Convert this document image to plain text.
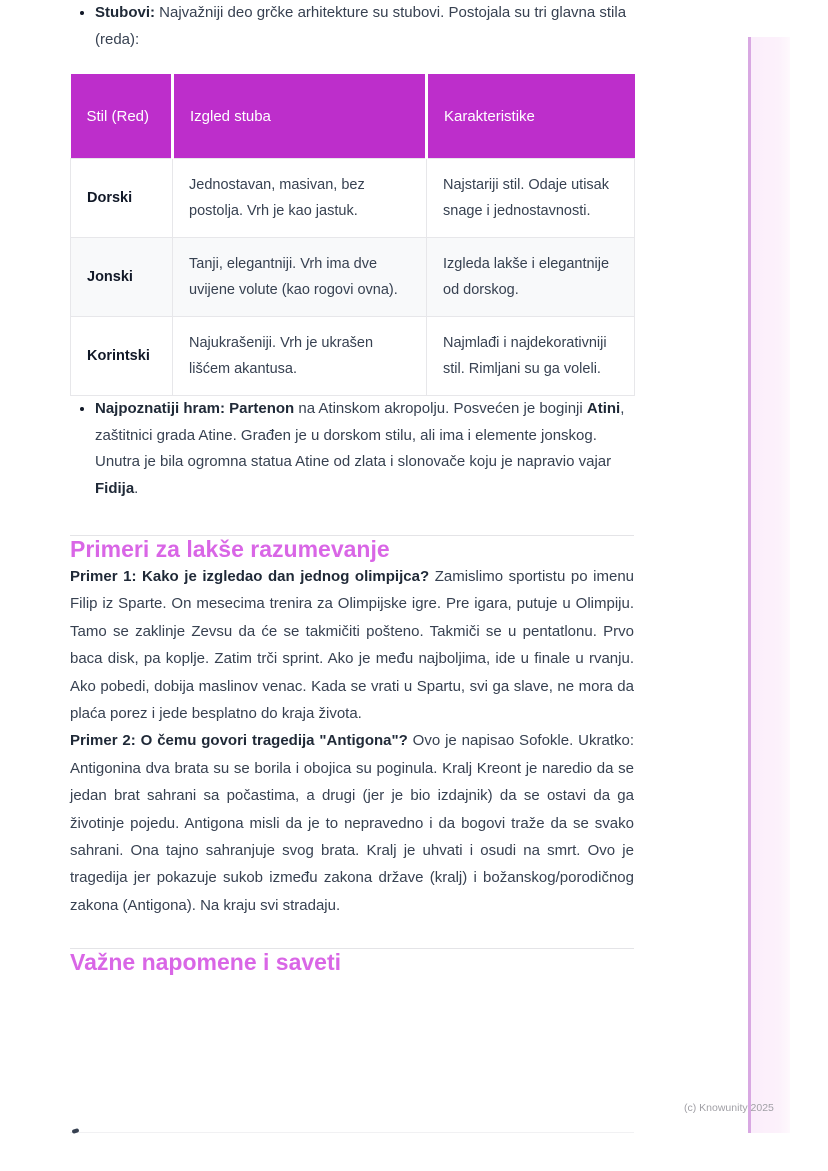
• Stubovi: Najvažniji deo grčke arhitekture su stubovi. Postojala su tri glavna stila (reda):
Stil (Red)	Izgled stuba	Karakteristike
Dorski	Jednostavan, masivan, bez postolja. Vrh je kao jastuk.	Najstariji stil. Odaje utisak snage i jednostavnosti.
Jonski	Tanji, elegantniji. Vrh ima dve uvijene volute (kao rogovi ovna).	Izgleda lakše i elegantnije od dorskog.
Korintski	Najukrašeniji. Vrh je ukrašen lišćem akantusa.	Najmlađi i najdekorativniji stil. Rimljani su ga voleli.
• Najpoznatiji hram: Partenon na Atinskom akropolju. Posvećen je boginji Atini, zaštitnici grada Atine. Građen je u dorskom stilu, ali ima i elemente jonskog. Unutra je bila ogromna statua Atine od zlata i slonovače koju je napravio vajar Fidija.
Primeri za lakše razumevanje

Primer 1: Kako je izgledao dan jednog olimpijca? Zamislimo sportistu po imenu Filip iz Sparte. On mesecima trenira za Olimpijske igre. Pre igara, putuje u Olimpiju. Tamo se zaklinje Zevsu da će se takmičiti pošteno. Takmiči se u pentatlonu. Prvo baca disk, pa koplje. Zatim trči sprint. Ako je među najboljima, ide u finale u rvanju. Ako pobedi, dobija maslinov venac. Kada se vrati u Spartu, svi ga slave, ne mora da plaća porez i jede besplatno do kraja života.

Primer 2: O čemu govori tragedija "Antigona"? Ovo je napisao Sofokle. Ukratko: Antigonina dva brata su se borila i obojica su poginula. Kralj Kreont je naredio da se jedan brat sahrani sa počastima, a drugi (jer je bio izdajnik) da se ostavi da ga životinje pojedu. Antigona misli da je to nepravedno i da bogovi traže da se svako sahrani. Ona tajno sahranjuje svog brata. Kralj je uhvati i osudi na smrt. Ovo je tragedija jer pokazuje sukob između zakona države (kralj) i božanskog/porodičnog zakona (Antigona). Na kraju svi stradaju.

Važne napomene i saveti
(c) Knowunity 2025
